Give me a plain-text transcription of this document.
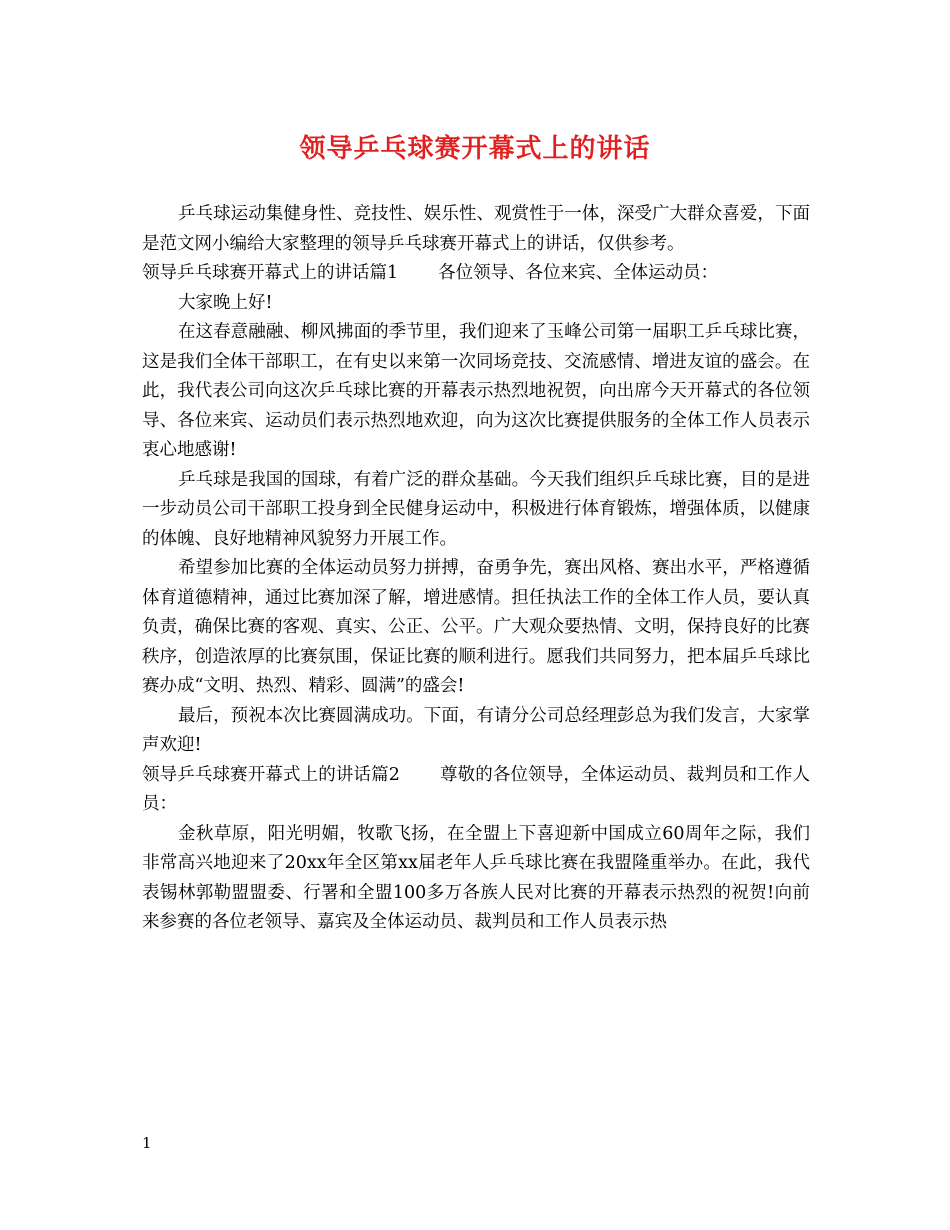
领导乒乓球赛开幕式上的讲话

乒乓球运动集健身性、竞技性、娱乐性、观赏性于一体，深受广大群众喜爱，下面是范文网小编给大家整理的领导乒乓球赛开幕式上的讲话，仅供参考。

领导乒乓球赛开幕式上的讲话篇1 各位领导、各位来宾、全体运动员：

大家晚上好!

在这春意融融、柳风拂面的季节里，我们迎来了玉峰公司第一届职工乒乓球比赛，这是我们全体干部职工，在有史以来第一次同场竞技、交流感情、增进友谊的盛会。在此，我代表公司向这次乒乓球比赛的开幕表示热烈地祝贺，向出席今天开幕式的各位领导、各位来宾、运动员们表示热烈地欢迎，向为这次比赛提供服务的全体工作人员表示衷心地感谢!

乒乓球是我国的国球，有着广泛的群众基础。今天我们组织乒乓球比赛，目的是进一步动员公司干部职工投身到全民健身运动中，积极进行体育锻炼，增强体质，以健康的体魄、良好地精神风貌努力开展工作。

希望参加比赛的全体运动员努力拼搏，奋勇争先，赛出风格、赛出水平，严格遵循体育道德精神，通过比赛加深了解，增进感情。担任执法工作的全体工作人员，要认真负责，确保比赛的客观、真实、公正、公平。广大观众要热情、文明，保持良好的比赛秩序，创造浓厚的比赛氛围，保证比赛的顺利进行。愿我们共同努力，把本届乒乓球比赛办成“文明、热烈、精彩、圆满”的盛会!

最后，预祝本次比赛圆满成功。下面，有请分公司总经理彭总为我们发言，大家掌声欢迎!

领导乒乓球赛开幕式上的讲话篇2 尊敬的各位领导，全体运动员、裁判员和工作人员：

金秋草原，阳光明媚，牧歌飞扬，在全盟上下喜迎新中国成立60周年之际，我们非常高兴地迎来了20xx年全区第xx届老年人乒乓球比赛在我盟隆重举办。在此，我代表锡林郭勒盟盟委、行署和全盟100多万各族人民对比赛的开幕表示热烈的祝贺!向前来参赛的各位老领导、嘉宾及全体运动员、裁判员和工作人员表示热

1
